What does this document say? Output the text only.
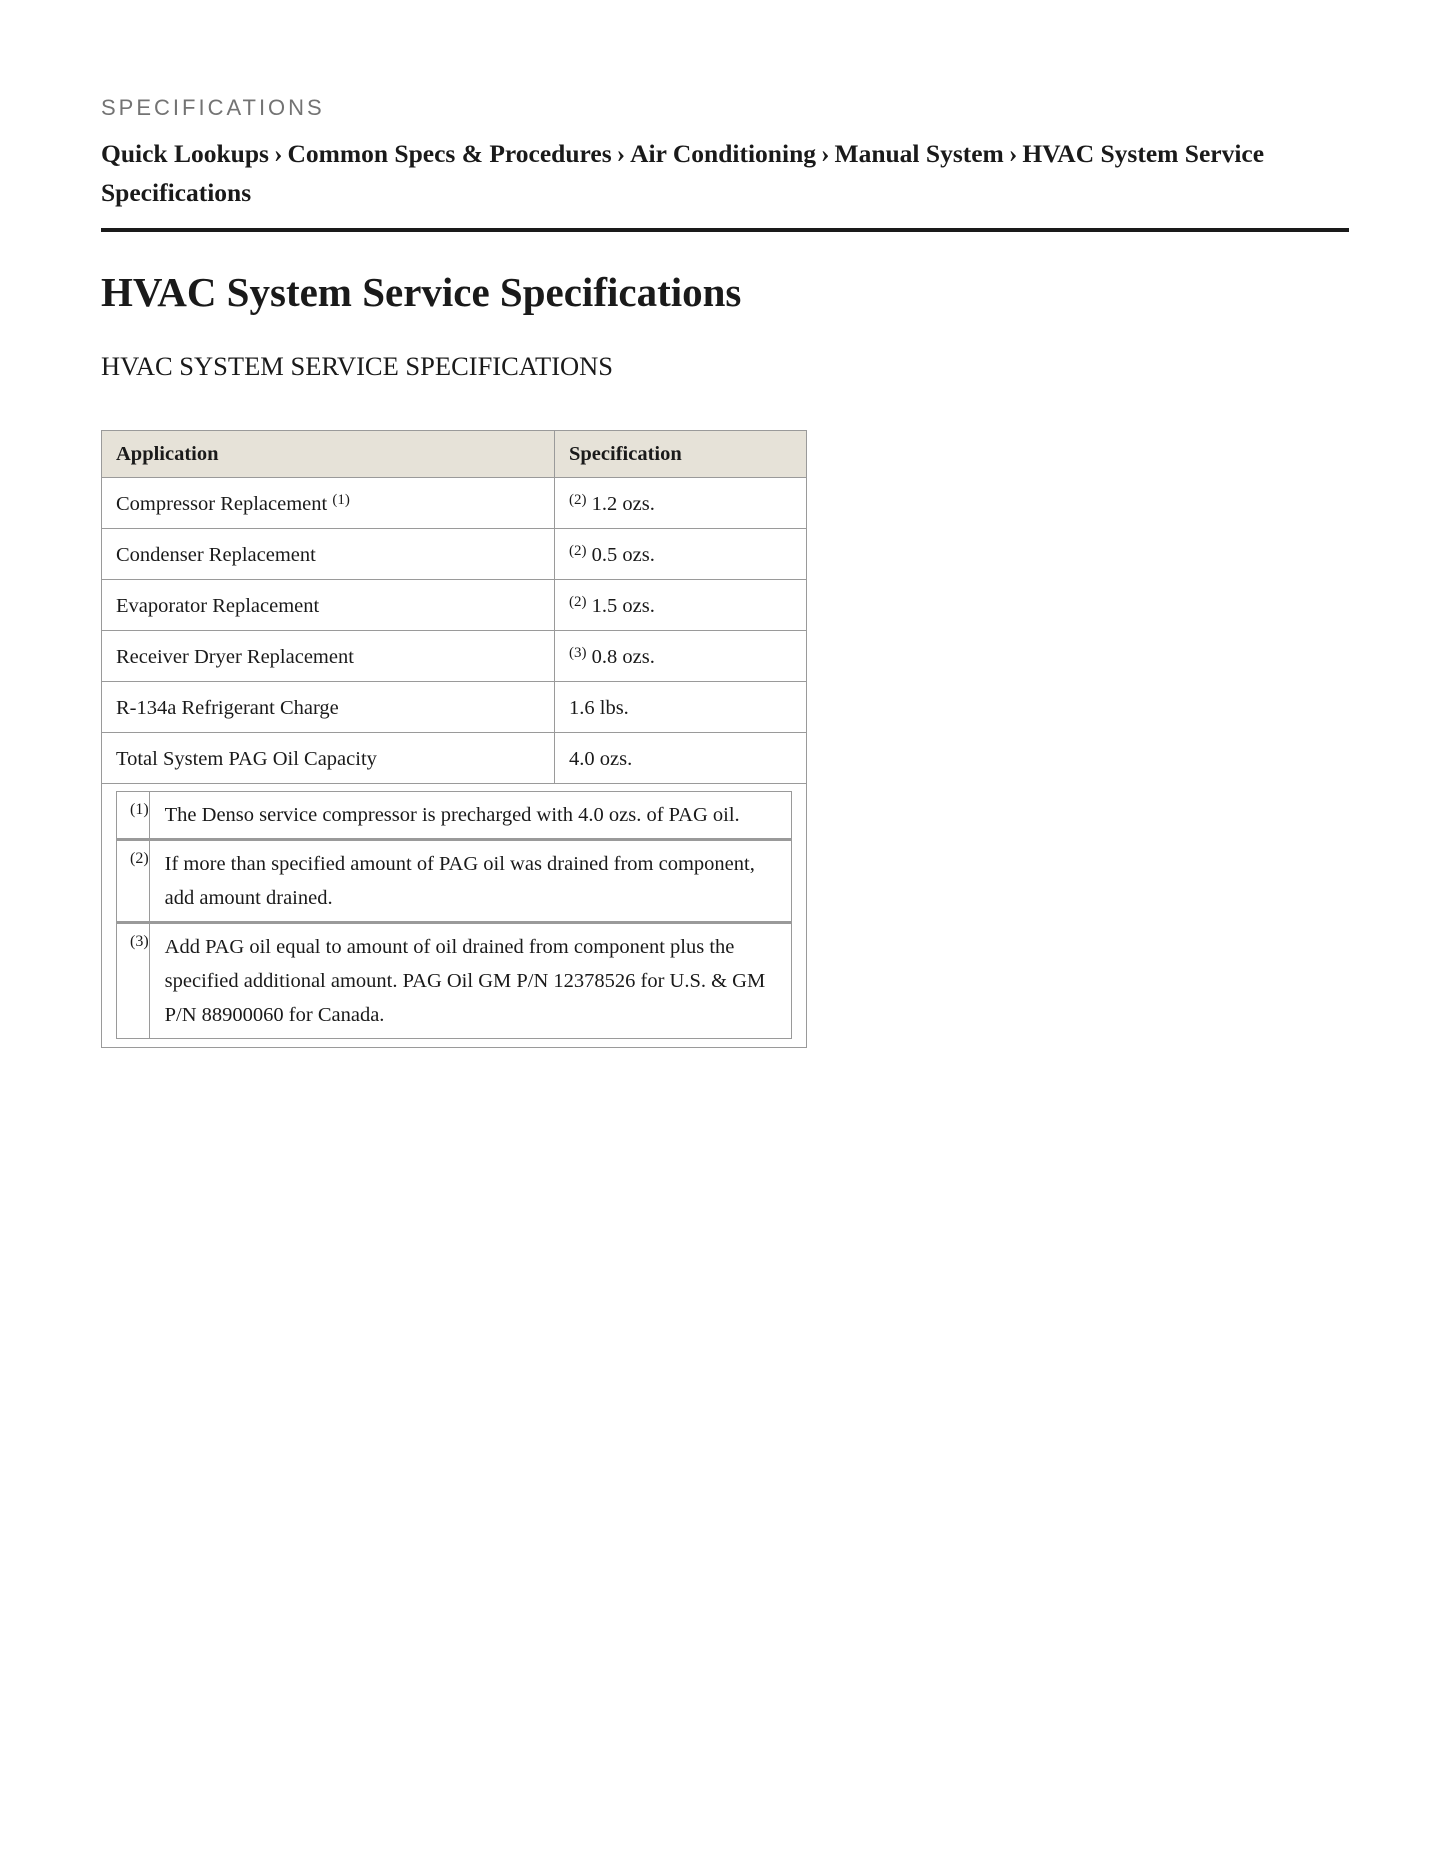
SPECIFICATIONS
Quick Lookups › Common Specs & Procedures › Air Conditioning › Manual System › HVAC System Service Specifications
HVAC System Service Specifications
HVAC SYSTEM SERVICE SPECIFICATIONS
Application	Specification
Compressor Replacement $^{(1)}$	$^{(2)}$ 1.2 ozs.
Condenser Replacement	$^{(2)}$ 0.5 ozs.
Evaporator Replacement	$^{(2)}$ 1.5 ozs.
Receiver Dryer Replacement	$^{(3)}$ 0.8 ozs.
R-134a Refrigerant Charge	1.6 lbs.
Total System PAG Oil Capacity	4.0 ozs.

(1)	The Denso service compressor is precharged with 4.0 ozs. of PAG oil.
(2)	If more than specified amount of PAG oil was drained from component, add amount drained.
(3)	Add PAG oil equal to amount of oil drained from component plus the specified additional amount. PAG Oil GM P/N 12378526 for U.S. & GM P/N 88900060 for Canada.
